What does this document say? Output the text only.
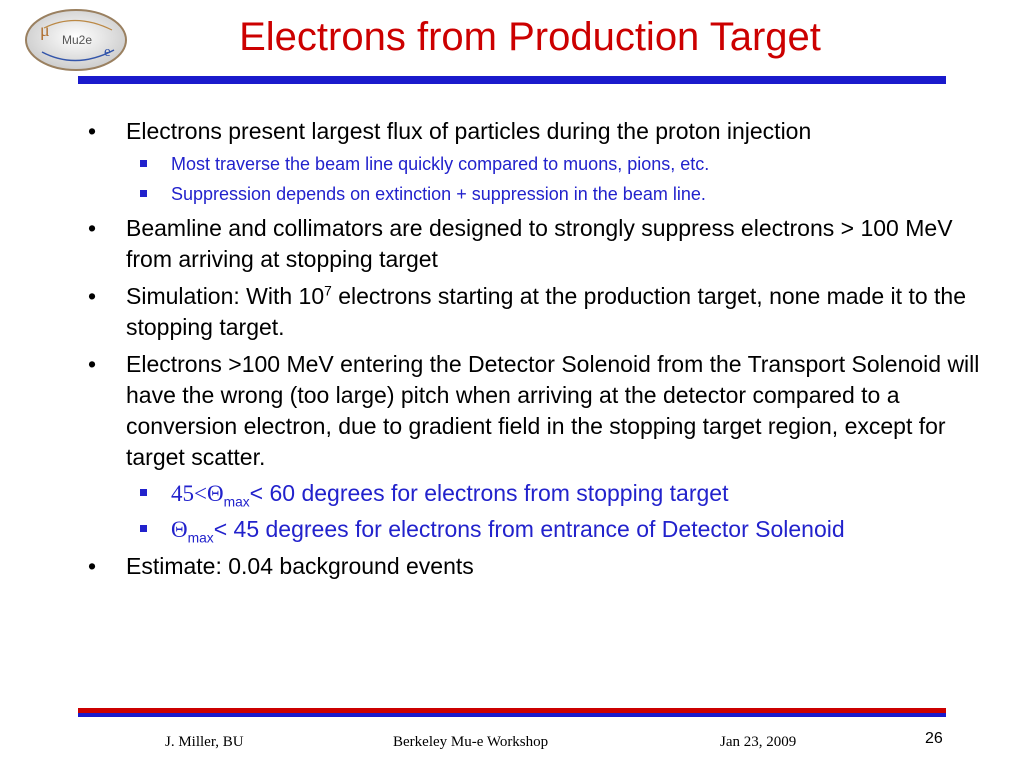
μ Mu2e
e	Electrons from Production Target
• Electrons present largest flux of particles during the proton injection
Most traverse the beam line quickly compared to muons, pions, etc.
Suppression depends on extinction + suppression in the beam line.
• Beamline and collimators are designed to strongly suppress electrons > 100 MeV from arriving at stopping target
• Simulation: With $10^7$ electrons starting at the production target, none made it to the stopping target.
• Electrons >100 MeV entering the Detector Solenoid from the Transport Solenoid will have the wrong (too large) pitch when arriving at the detector compared to a conversion electron, due to gradient field in the stopping target region, except for target scatter.
$45<\Theta_{max}< 60$ degrees for electrons from stopping target
$\Theta_{max}< 45$ degrees for electrons from entrance of Detector Solenoid
• Estimate: 0.04 background events
J. Miller, BU	Berkeley Mu-e Workshop	Jan 23, 2009	26
